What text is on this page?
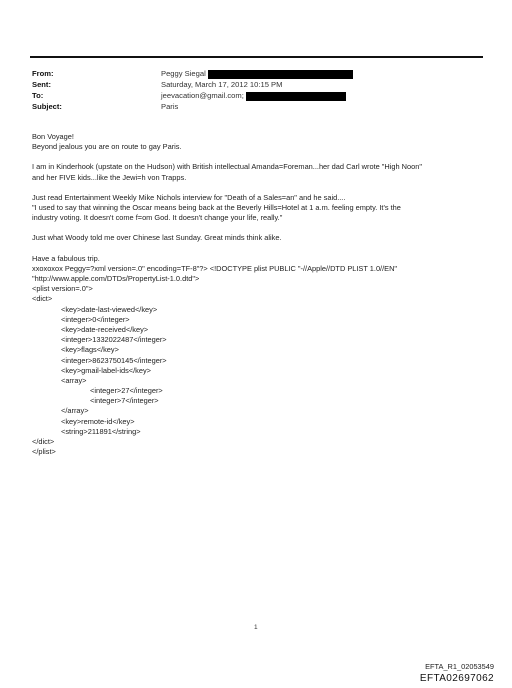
From:	Peggy Siegal
Sent:	Saturday, March 17, 2012 10:15 PM
To:	jeevacation@gmail.com;
Subject:	Paris
Bon Voyage!
Beyond jealous you are on route to gay Paris.
I am in Kinderhook (upstate on the Hudson) with British intellectual Amanda=Foreman...her dad Carl wrote "High Noon"
and her FIVE kids...like the Jewi=h von Trapps.
Just read Entertainment Weekly Mike Nichols interview for "Death of a Sales=an" and he said....
"I used to say that winning the Oscar means being back at the Beverly Hills=Hotel at 1 a.m. feeling empty. It's the
industry voting. It doesn't come f=om God. It doesn't change your life, really."
Just what Woody told me over Chinese last Sunday. Great minds think alike.
Have a fabulous trip.
xxoxoxox Peggy=?xml version=.0" encoding=TF-8"?> <!DOCTYPE plist PUBLIC "-//Apple//DTD PLIST 1.0//EN"
"http://www.apple.com/DTDs/PropertyList-1.0.dtd">
<plist version=.0">
<dict>
<key>date-last-viewed</key>
<integer>0</integer>
<key>date-received</key>
<integer>1332022487</integer>
<key>flags</key>
<integer>8623750145</integer>
<key>gmail-label-ids</key>
<array>
<integer>27</integer>
<integer>7</integer>
</array>
<key>remote-id</key>
<string>211891</string>
</dict>
</plist>
1
EFTA_R1_02053549
EFTA02697062
